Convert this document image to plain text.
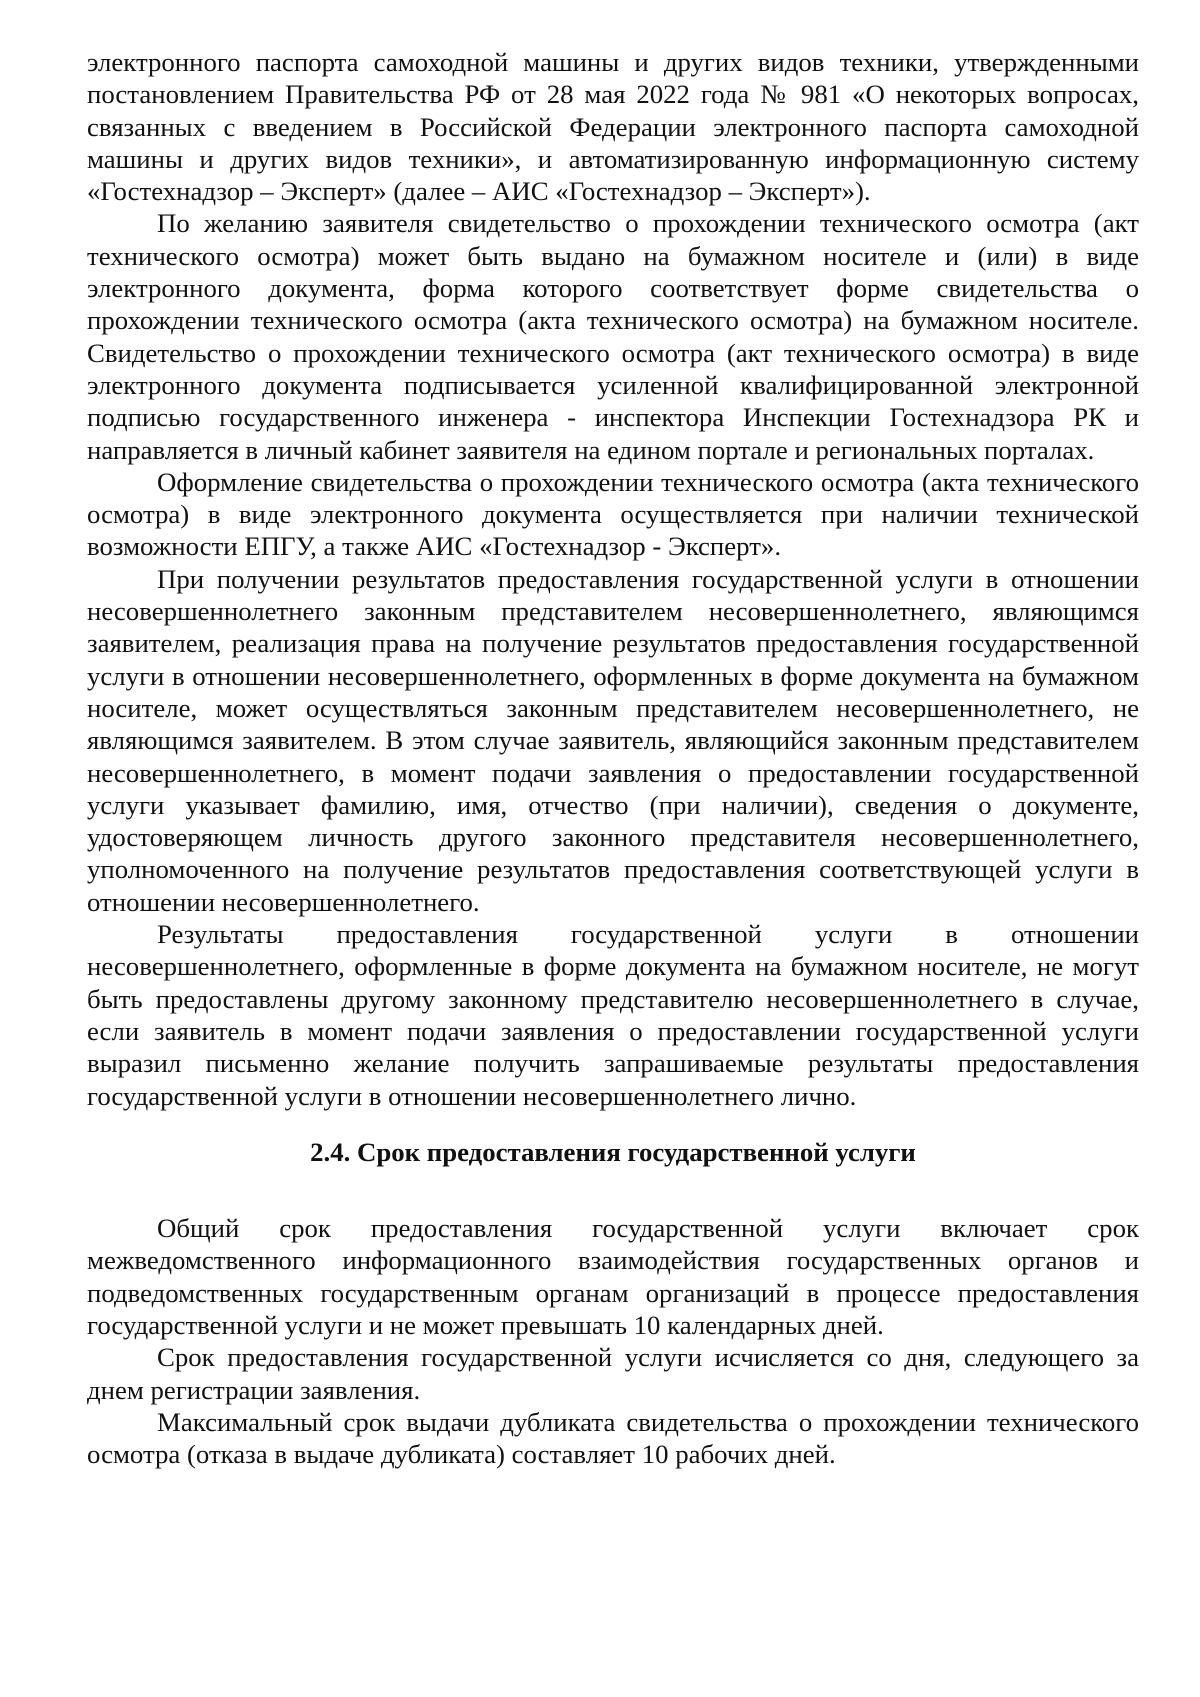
электронного паспорта самоходной машины и других видов техники, утвержденными постановлением Правительства РФ от 28 мая 2022 года № 981 «О некоторых вопросах, связанных с введением в Российской Федерации электронного паспорта самоходной машины и других видов техники», и автоматизированную информационную систему «Гостехнадзор – Эксперт» (далее – АИС «Гостехнадзор – Эксперт»).

По желанию заявителя свидетельство о прохождении технического осмотра (акт технического осмотра) может быть выдано на бумажном носителе и (или) в виде электронного документа, форма которого соответствует форме свидетельства о прохождении технического осмотра (акта технического осмотра) на бумажном носителе. Свидетельство о прохождении технического осмотра (акт технического осмотра) в виде электронного документа подписывается усиленной квалифицированной электронной подписью государственного инженера - инспектора Инспекции Гостехнадзора РК и направляется в личный кабинет заявителя на едином портале и региональных порталах.

Оформление свидетельства о прохождении технического осмотра (акта технического осмотра) в виде электронного документа осуществляется при наличии технической возможности ЕПГУ, а также АИС «Гостехнадзор - Эксперт».

При получении результатов предоставления государственной услуги в отношении несовершеннолетнего законным представителем несовершеннолетнего, являющимся заявителем, реализация права на получение результатов предоставления государственной услуги в отношении несовершеннолетнего, оформленных в форме документа на бумажном носителе, может осуществляться законным представителем несовершеннолетнего, не являющимся заявителем. В этом случае заявитель, являющийся законным представителем несовершеннолетнего, в момент подачи заявления о предоставлении государственной услуги указывает фамилию, имя, отчество (при наличии), сведения о документе, удостоверяющем личность другого законного представителя несовершеннолетнего, уполномоченного на получение результатов предоставления соответствующей услуги в отношении несовершеннолетнего.

Результаты предоставления государственной услуги в отношении несовершеннолетнего, оформленные в форме документа на бумажном носителе, не могут быть предоставлены другому законному представителю несовершеннолетнего в случае, если заявитель в момент подачи заявления о предоставлении государственной услуги выразил письменно желание получить запрашиваемые результаты предоставления государственной услуги в отношении несовершеннолетнего лично.

2.4. Срок предоставления государственной услуги

Общий срок предоставления государственной услуги включает срок межведомственного информационного взаимодействия государственных органов и подведомственных государственным органам организаций в процессе предоставления государственной услуги и не может превышать 10 календарных дней.

Срок предоставления государственной услуги исчисляется со дня, следующего за днем регистрации заявления.

Максимальный срок выдачи дубликата свидетельства о прохождении технического осмотра (отказа в выдаче дубликата) составляет 10 рабочих дней.
